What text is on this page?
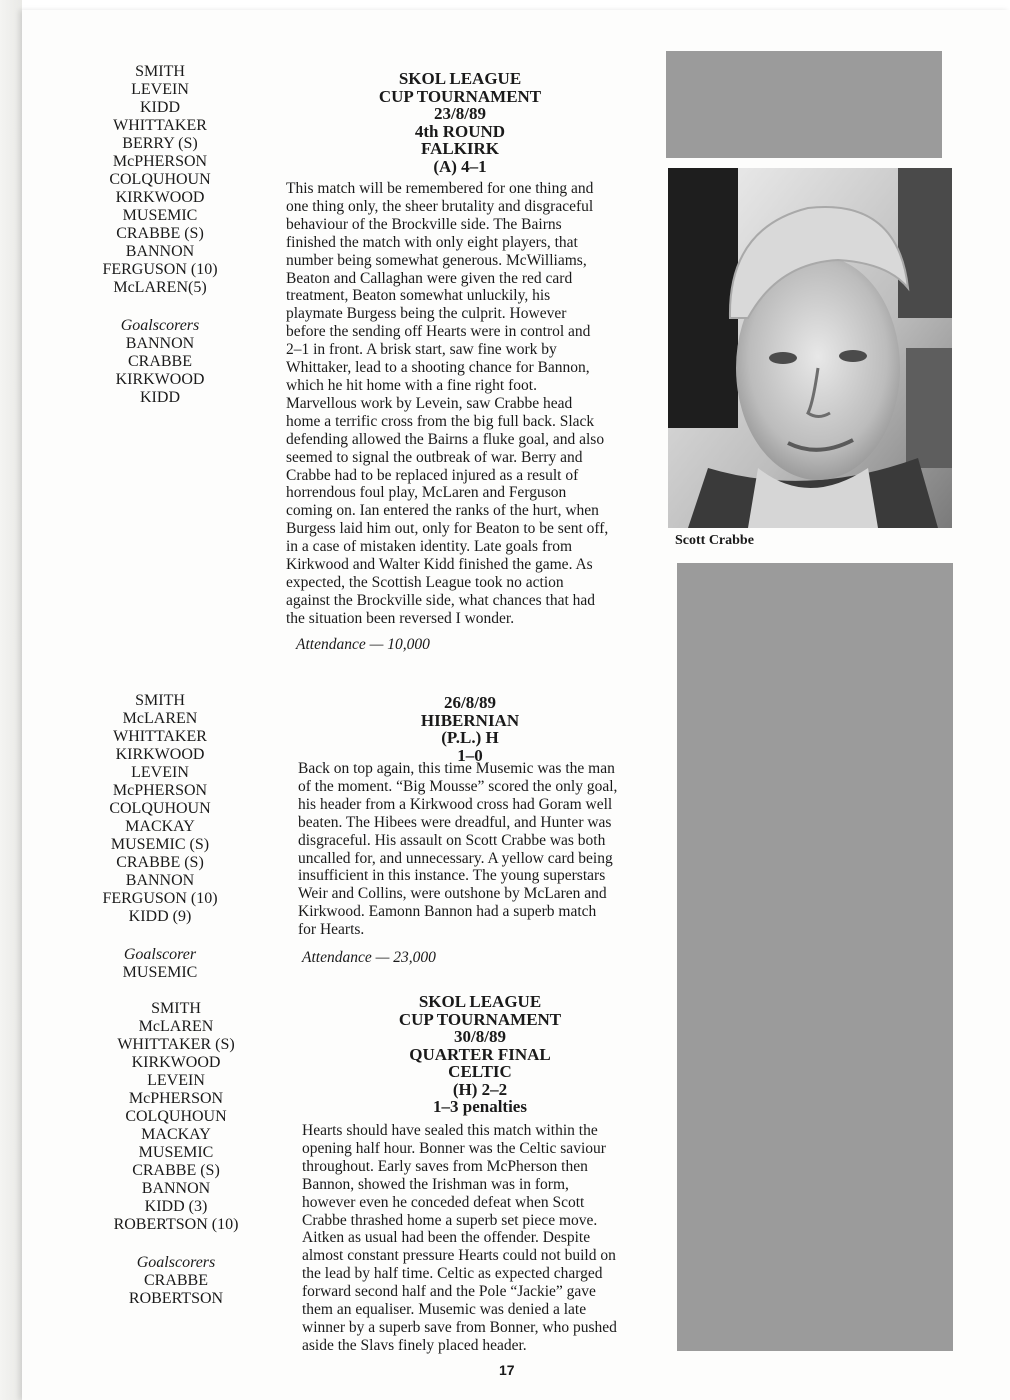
SMITH
LEVEIN
KIDD
WHITTAKER
BERRY (S)
McPHERSON
COLQUHOUN
KIRKWOOD
MUSEMIC
CRABBE (S)
BANNON
FERGUSON (10)
McLAREN(5)
Goalscorers
BANNON
CRABBE
KIRKWOOD
KIDD
SMITH
McLAREN
WHITTAKER
KIRKWOOD
LEVEIN
McPHERSON
COLQUHOUN
MACKAY
MUSEMIC (S)
CRABBE (S)
BANNON
FERGUSON (10)
KIDD (9)
Goalscorer
MUSEMIC
SMITH
McLAREN
WHITTAKER (S)
KIRKWOOD
LEVEIN
McPHERSON
COLQUHOUN
MACKAY
MUSEMIC
CRABBE (S)
BANNON
KIDD (3)
ROBERTSON (10)
Goalscorers
CRABBE
ROBERTSON
SKOL LEAGUE
CUP TOURNAMENT
23/8/89
4th ROUND
FALKIRK
(A) 4–1
This match will be remembered for one thing and
one thing only, the sheer brutality and disgraceful
behaviour of the Brockville side. The Bairns
finished the match with only eight players, that
number being somewhat generous. McWilliams,
Beaton and Callaghan were given the red card
treatment, Beaton somewhat unluckily, his
playmate Burgess being the culprit. However
before the sending off Hearts were in control and
2–1 in front. A brisk start, saw fine work by
Whittaker, lead to a shooting chance for Bannon,
which he hit home with a fine right foot.
Marvellous work by Levein, saw Crabbe head
home a terrific cross from the big full back. Slack
defending allowed the Bairns a fluke goal, and also
seemed to signal the outbreak of war. Berry and
Crabbe had to be replaced injured as a result of
horrendous foul play, McLaren and Ferguson
coming on. Ian entered the ranks of the hurt, when
Burgess laid him out, only for Beaton to be sent off,
in a case of mistaken identity. Late goals from
Kirkwood and Walter Kidd finished the game. As
expected, the Scottish League took no action
against the Brockville side, what chances that had
the situation been reversed I wonder.
Attendance — 10,000
26/8/89
HIBERNIAN
(P.L.) H
1–0
Back on top again, this time Musemic was the man
of the moment. “Big Mousse” scored the only goal,
his header from a Kirkwood cross had Goram well
beaten. The Hibees were dreadful, and Hunter was
disgraceful. His assault on Scott Crabbe was both
uncalled for, and unnecessary. A yellow card being
insufficient in this instance. The young superstars
Weir and Collins, were outshone by McLaren and
Kirkwood. Eamonn Bannon had a superb match
for Hearts.
Attendance — 23,000
SKOL LEAGUE
CUP TOURNAMENT
30/8/89
QUARTER FINAL
CELTIC
(H) 2–2
1–3 penalties
Hearts should have sealed this match within the
opening half hour. Bonner was the Celtic saviour
throughout. Early saves from McPherson then
Bannon, showed the Irishman was in form,
however even he conceded defeat when Scott
Crabbe thrashed home a superb set piece move.
Aitken as usual had been the offender. Despite
almost constant pressure Hearts could not build on
the lead by half time. Celtic as expected charged
forward second half and the Pole “Jackie” gave
them an equaliser. Musemic was denied a late
winner by a superb save from Bonner, who pushed
aside the Slavs finely placed header.
Scott Crabbe
17
